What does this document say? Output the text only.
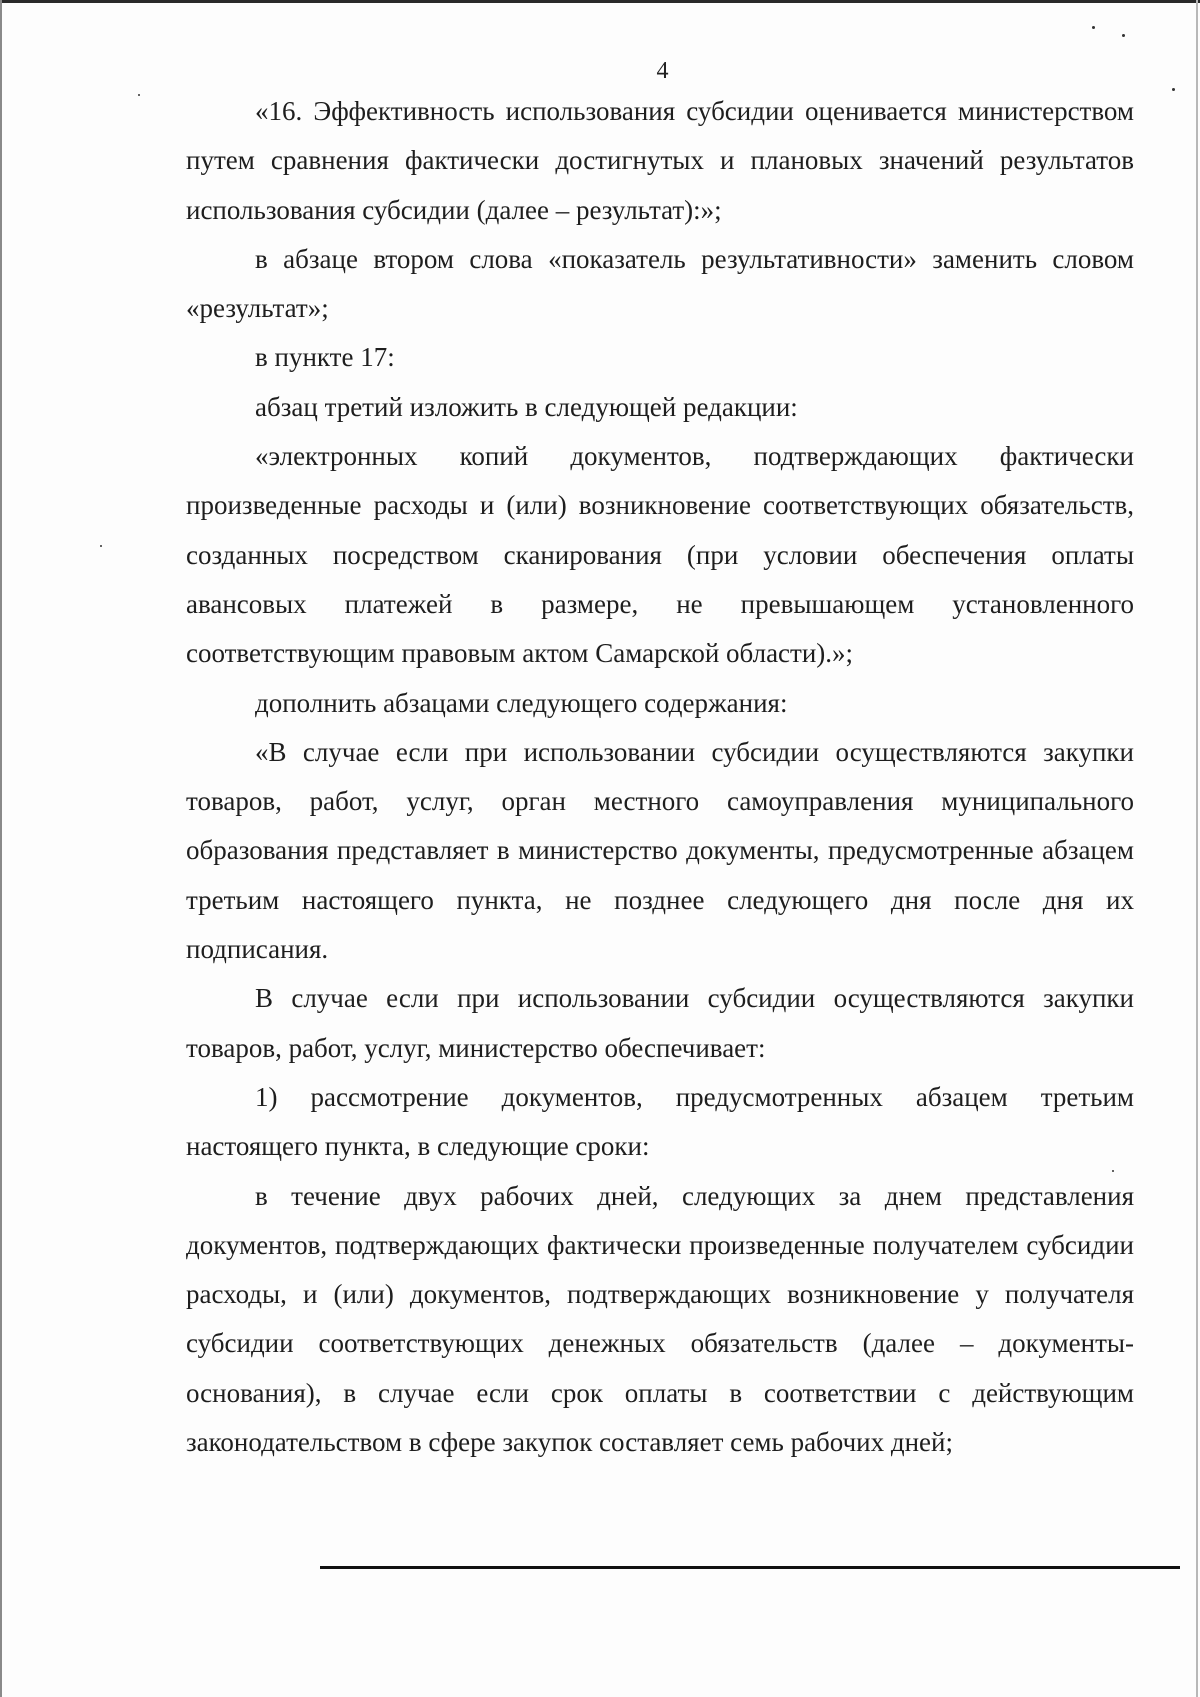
4

«16. Эффективность использования субсидии оценивается министерством путем сравнения фактически достигнутых и плановых значений результатов использования субсидии (далее – результат):»;

в абзаце втором слова «показатель результативности» заменить словом «результат»;

в пункте 17:

абзац третий изложить в следующей редакции:

«электронных копий документов, подтверждающих фактически произведенные расходы и (или) возникновение соответствующих обязательств, созданных посредством сканирования (при условии обеспечения оплаты авансовых платежей в размере, не превышающем установленного соответствующим правовым актом Самарской области).»;

дополнить абзацами следующего содержания:

«В случае если при использовании субсидии осуществляются закупки товаров, работ, услуг, орган местного самоуправления муниципального образования представляет в министерство документы, предусмотренные абзацем третьим настоящего пункта, не позднее следующего дня после дня их подписания.

В случае если при использовании субсидии осуществляются закупки товаров, работ, услуг, министерство обеспечивает:

1) рассмотрение документов, предусмотренных абзацем третьим настоящего пункта, в следующие сроки:

в течение двух рабочих дней, следующих за днем представления документов, подтверждающих фактически произведенные получателем субсидии расходы, и (или) документов, подтверждающих возникновение у получателя субсидии соответствующих денежных обязательств (далее – документы-основания), в случае если срок оплаты в соответствии с действующим законодательством в сфере закупок составляет семь рабочих дней;
